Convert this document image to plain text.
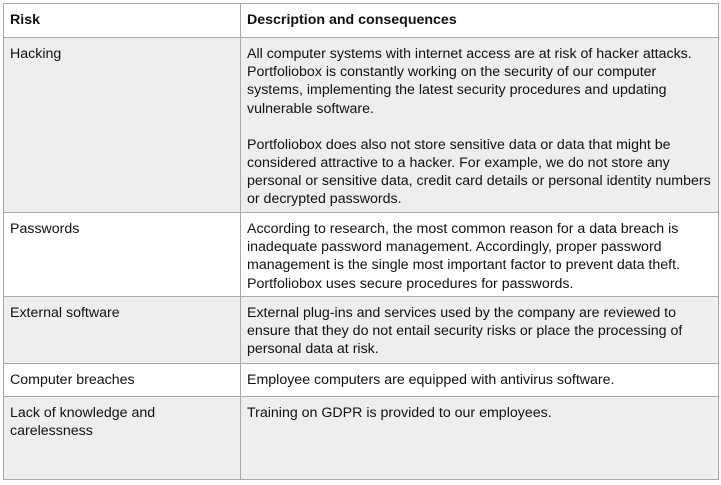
Risk	Description and consequences
Hacking	All computer systems with internet access are at risk of hacker attacks. Portfoliobox is constantly working on the security of our computer systems, implementing the latest security procedures and updating vulnerable software.
Portfoliobox does also not store sensitive data or data that might be considered attractive to a hacker. For example, we do not store any personal or sensitive data, credit card details or personal identity numbers or decrypted passwords.

Passwords	According to research, the most common reason for a data breach is inadequate password management. Accordingly, proper password management is the single most important factor to prevent data theft. Portfoliobox uses secure procedures for passwords.

External software	External plug-ins and services used by the company are reviewed to ensure that they do not entail security risks or place the processing of personal data at risk.

Computer breaches	Employee computers are equipped with antivirus software.

Lack of knowledge and carelessness	Training on GDPR is provided to our employees.
